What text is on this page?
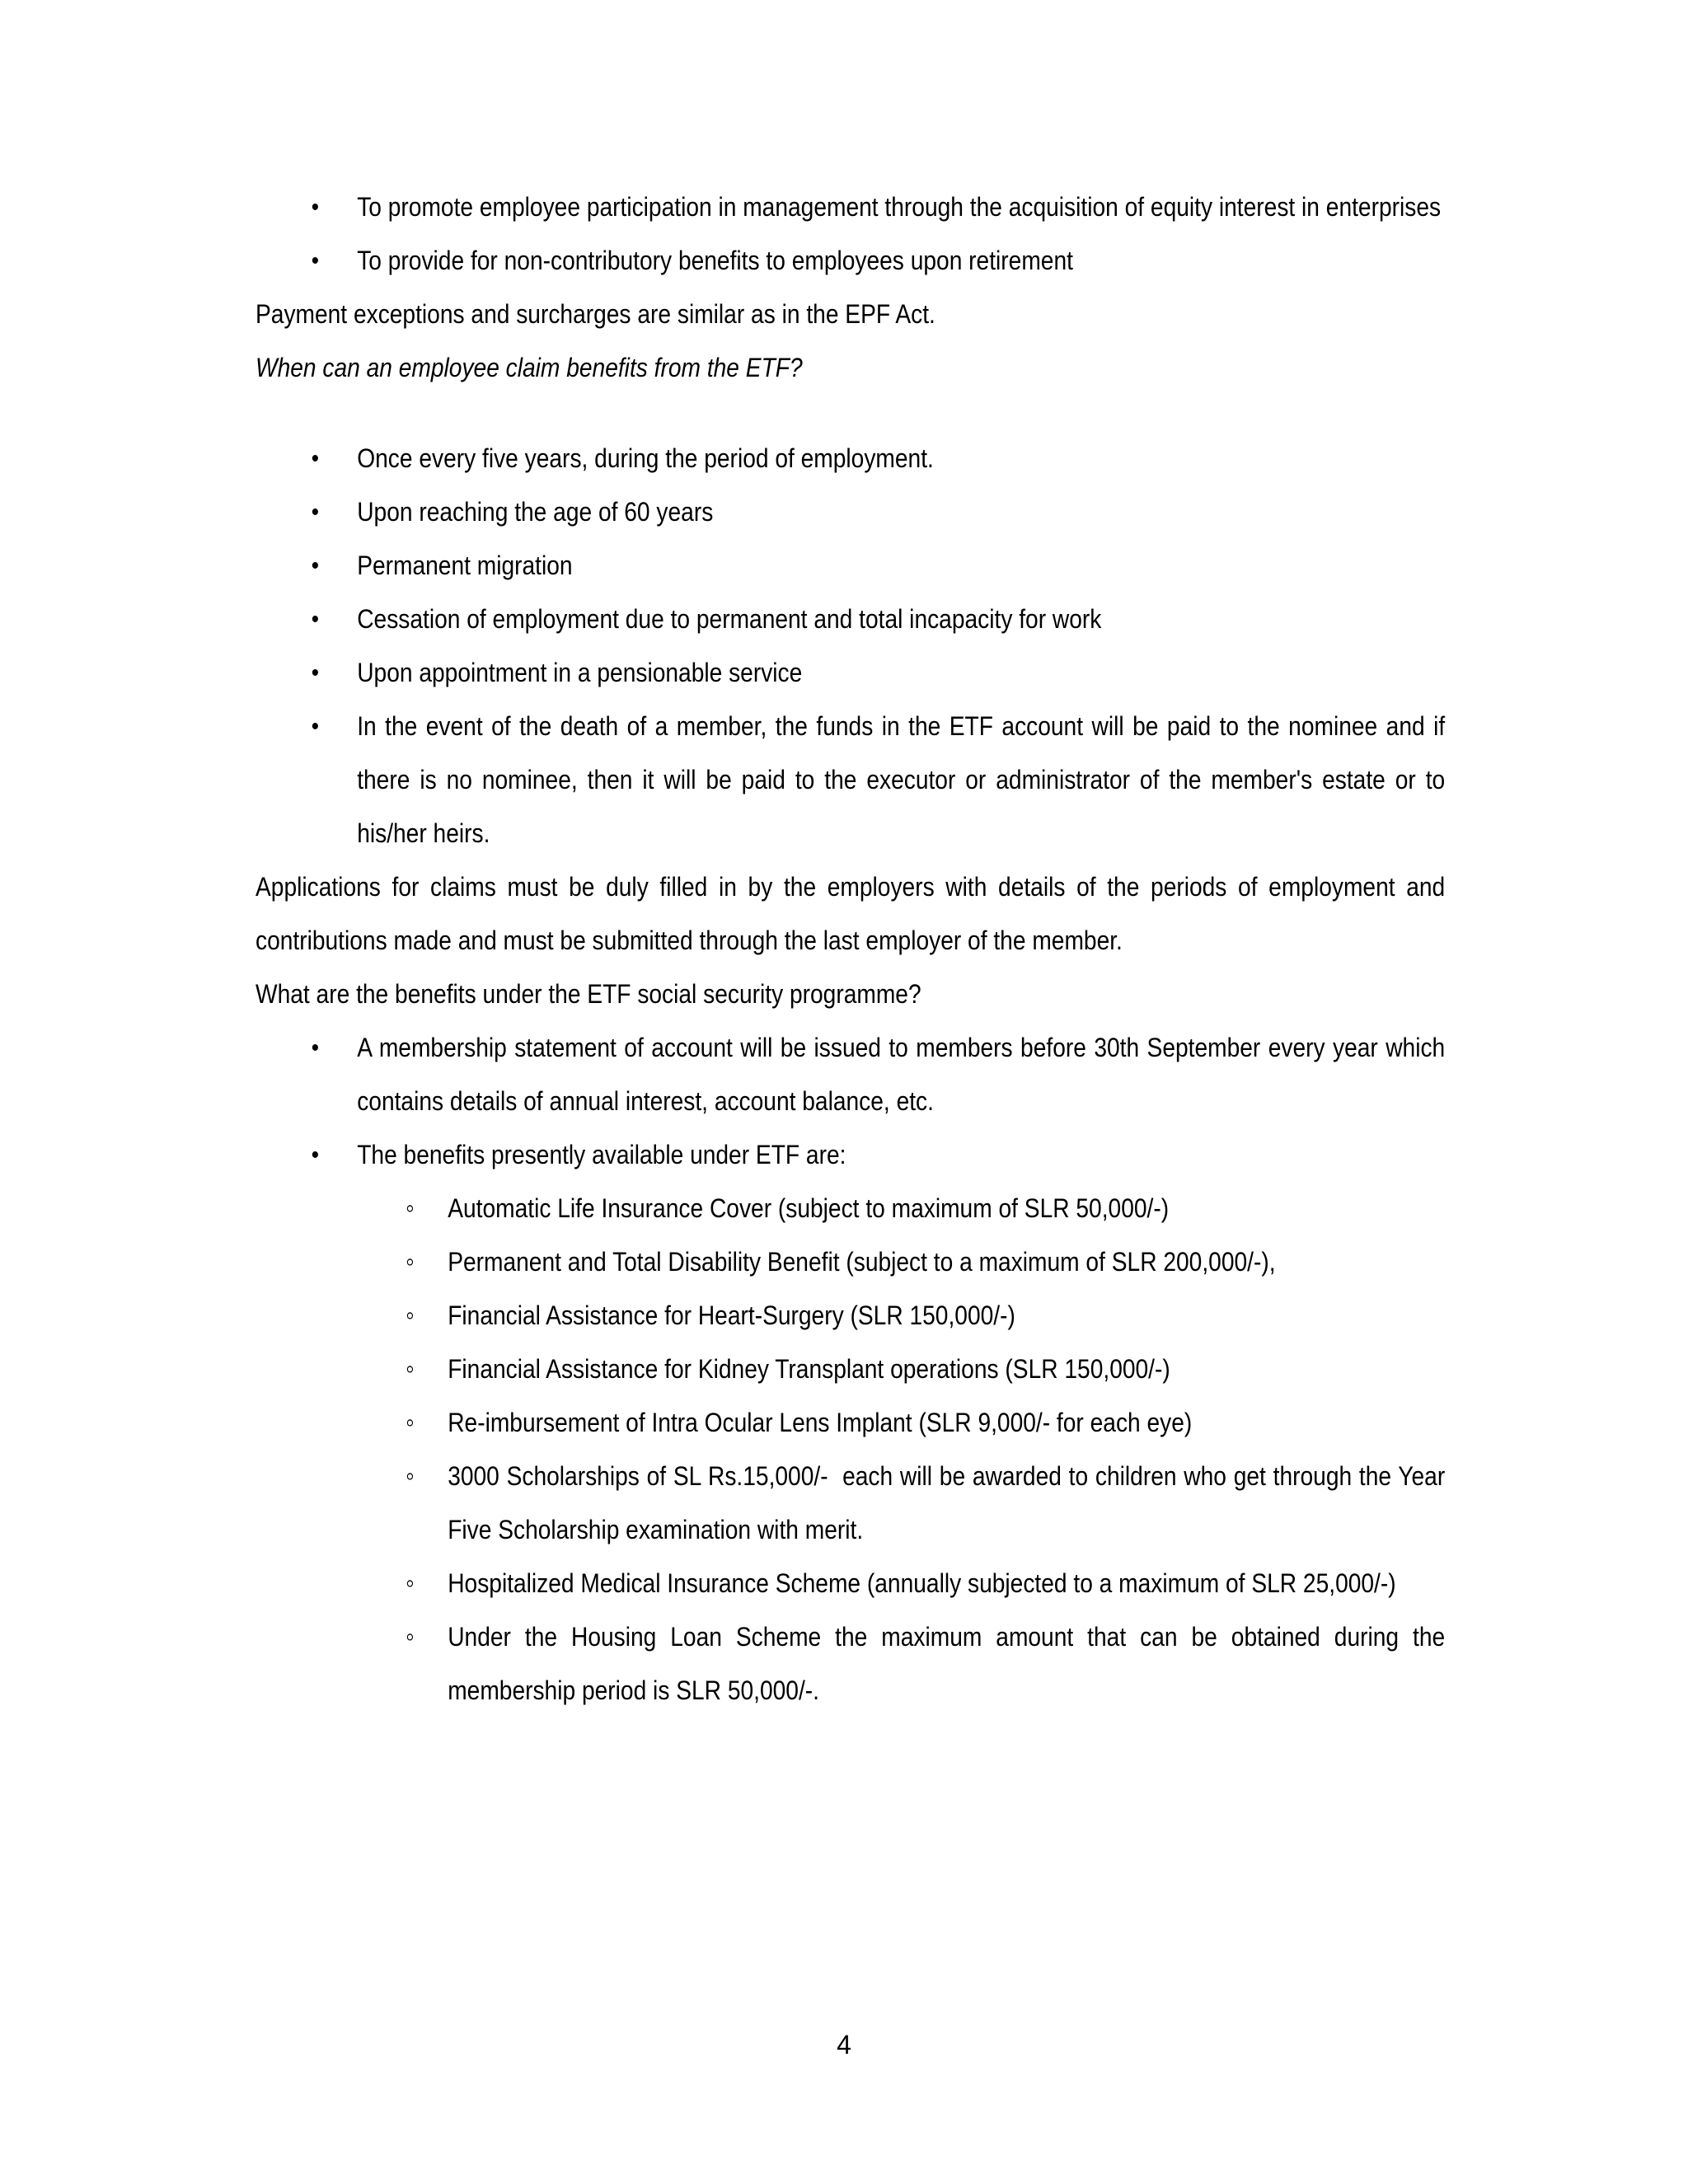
• To promote employee participation in management through the acquisition of equity interest in enterprises
• To provide for non-contributory benefits to employees upon retirement
Payment exceptions and surcharges are similar as in the EPF Act.
When can an employee claim benefits from the ETF?
• Once every five years, during the period of employment.
• Upon reaching the age of 60 years
• Permanent migration
• Cessation of employment due to permanent and total incapacity for work
• Upon appointment in a pensionable service
• In the event of the death of a member, the funds in the ETF account will be paid to the nominee and if there is no nominee, then it will be paid to the executor or administrator of the member's estate or to his/her heirs.
Applications for claims must be duly filled in by the employers with details of the periods of employment and contributions made and must be submitted through the last employer of the member.
What are the benefits under the ETF social security programme?
• A membership statement of account will be issued to members before 30th September every year which contains details of annual interest, account balance, etc.
• The benefits presently available under ETF are:
◦ Automatic Life Insurance Cover (subject to maximum of SLR 50,000/-)
◦ Permanent and Total Disability Benefit (subject to a maximum of SLR 200,000/-),
◦ Financial Assistance for Heart-Surgery (SLR 150,000/-)
◦ Financial Assistance for Kidney Transplant operations (SLR 150,000/-)
◦ Re-imbursement of Intra Ocular Lens Implant (SLR 9,000/- for each eye)
◦ 3000 Scholarships of SL Rs.15,000/-  each will be awarded to children who get through the Year Five Scholarship examination with merit.
◦ Hospitalized Medical Insurance Scheme (annually subjected to a maximum of SLR 25,000/-)
◦ Under the Housing Loan Scheme the maximum amount that can be obtained during the membership period is SLR 50,000/-.
4
